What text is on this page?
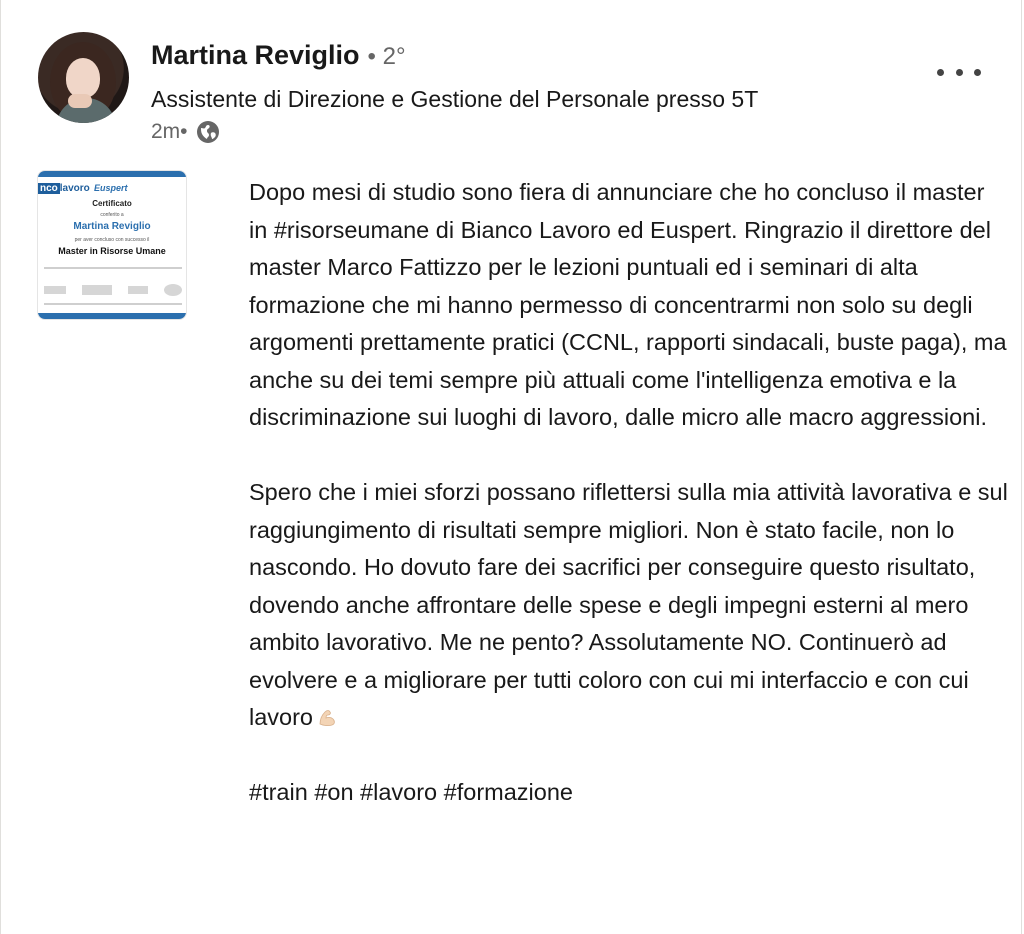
Martina Reviglio • 2°
Assistente di Direzione e Gestione del Personale presso 5T
2m•
nco lavoro Euspert
Certificato
conferito a
Martina Reviglio
per aver concluso con successo il
Master in Risorse Umane

Dopo mesi di studio sono fiera di annunciare che ho concluso il master in #risorseumane di Bianco Lavoro ed Euspert. Ringrazio il direttore del master Marco Fattizzo per le lezioni puntuali ed i seminari di alta formazione che mi hanno permesso di concentrarmi non solo su degli argomenti prettamente pratici (CCNL, rapporti sindacali, buste paga), ma anche su dei temi sempre più attuali come l'intelligenza emotiva e la discriminazione sui luoghi di lavoro, dalle micro alle macro aggressioni.

Spero che i miei sforzi possano riflettersi sulla mia attività lavorativa e sul raggiungimento di risultati sempre migliori. Non è stato facile, non lo nascondo. Ho dovuto fare dei sacrifici per conseguire questo risultato, dovendo anche affrontare delle spese e degli impegni esterni al mero ambito lavorativo. Me ne pento? Assolutamente NO. Continuerò ad evolvere e a migliorare per tutti coloro con cui mi interfaccio e con cui lavoro

#train #on #lavoro #formazione
